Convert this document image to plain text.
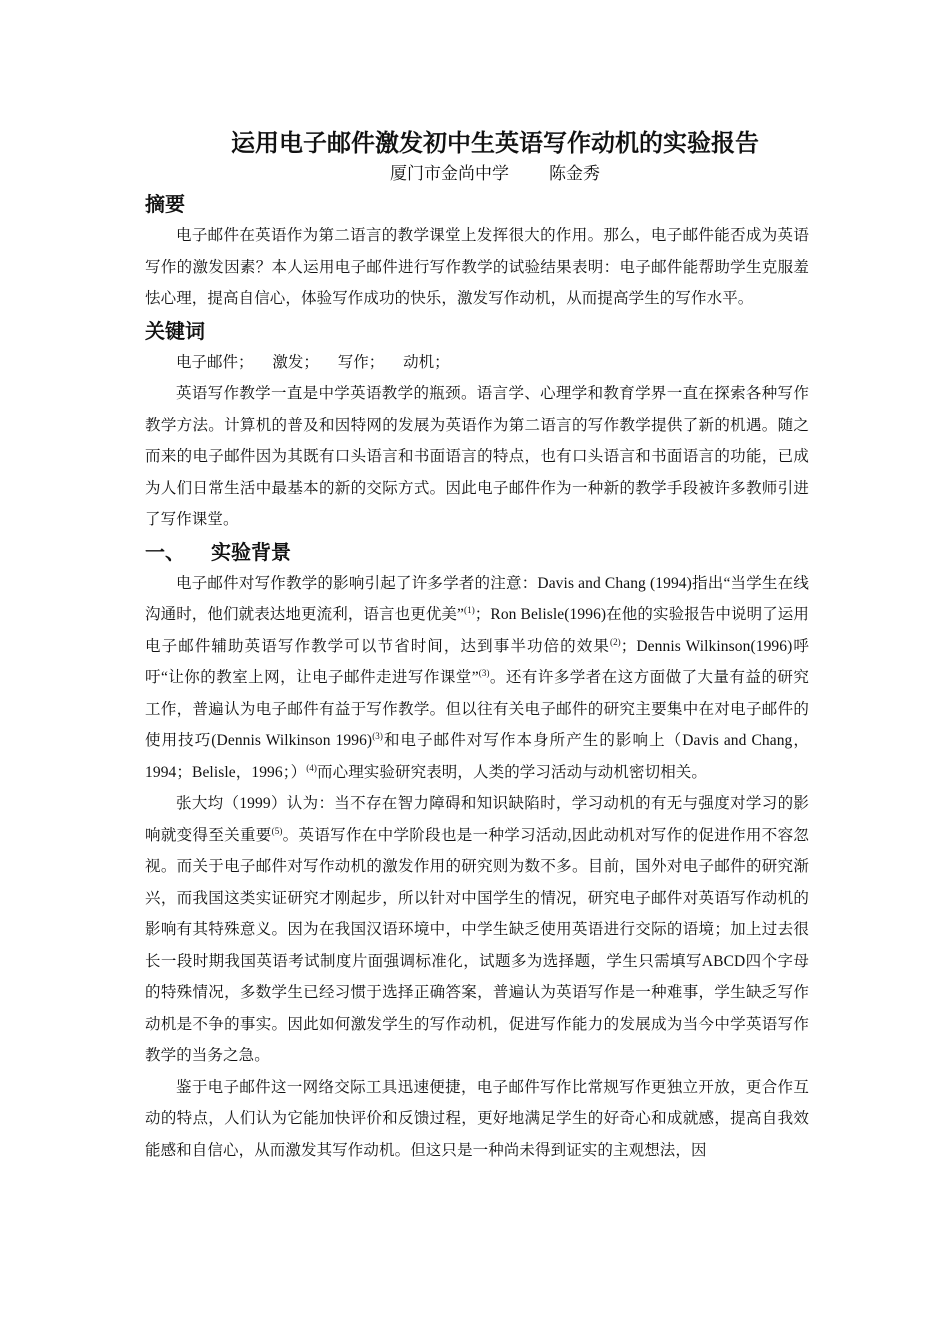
运用电子邮件激发初中生英语写作动机的实验报告
厦门市金尚中学 陈金秀
摘要

电子邮件在英语作为第二语言的教学课堂上发挥很大的作用。那么，电子邮件能否成为英语写作的激发因素？本人运用电子邮件进行写作教学的试验结果表明：电子邮件能帮助学生克服羞怯心理，提高自信心，体验写作成功的快乐，激发写作动机，从而提高学生的写作水平。

关键词

电子邮件； 激发； 写作； 动机；

英语写作教学一直是中学英语教学的瓶颈。语言学、心理学和教育学界一直在探索各种写作教学方法。计算机的普及和因特网的发展为英语作为第二语言的写作教学提供了新的机遇。随之而来的电子邮件因为其既有口头语言和书面语言的特点，也有口头语言和书面语言的功能，已成为人们日常生活中最基本的新的交际方式。因此电子邮件作为一种新的教学手段被许多教师引进了写作课堂。

一、 实验背景

电子邮件对写作教学的影响引起了许多学者的注意：Davis and Chang (1994)指出“当学生在线沟通时，他们就表达地更流利，语言也更优美”$^{(1)}$；Ron Belisle(1996)在他的实验报告中说明了运用电子邮件辅助英语写作教学可以节省时间，达到事半功倍的效果$^{(2)}$；Dennis Wilkinson(1996)呼吁“让你的教室上网，让电子邮件走进写作课堂”$^{(3)}$。还有许多学者在这方面做了大量有益的研究工作，普遍认为电子邮件有益于写作教学。但以往有关电子邮件的研究主要集中在对电子邮件的使用技巧(Dennis Wilkinson 1996)$^{(3)}$和电子邮件对写作本身所产生的影响上（Davis and Chang，1994；Belisle，1996；）$^{(4)}$而心理实验研究表明，人类的学习活动与动机密切相关。

张大均（1999）认为：当不存在智力障碍和知识缺陷时，学习动机的有无与强度对学习的影响就变得至关重要$^{(5)}$。英语写作在中学阶段也是一种学习活动,因此动机对写作的促进作用不容忽视。而关于电子邮件对写作动机的激发作用的研究则为数不多。目前，国外对电子邮件的研究渐兴，而我国这类实证研究才刚起步，所以针对中国学生的情况，研究电子邮件对英语写作动机的影响有其特殊意义。因为在我国汉语环境中，中学生缺乏使用英语进行交际的语境；加上过去很长一段时期我国英语考试制度片面强调标准化，试题多为选择题，学生只需填写ABCD四个字母的特殊情况，多数学生已经习惯于选择正确答案，普遍认为英语写作是一种难事，学生缺乏写作动机是不争的事实。因此如何激发学生的写作动机，促进写作能力的发展成为当今中学英语写作教学的当务之急。

鉴于电子邮件这一网络交际工具迅速便捷，电子邮件写作比常规写作更独立开放，更合作互动的特点，人们认为它能加快评价和反馈过程，更好地满足学生的好奇心和成就感，提高自我效能感和自信心，从而激发其写作动机。但这只是一种尚未得到证实的主观想法，因
